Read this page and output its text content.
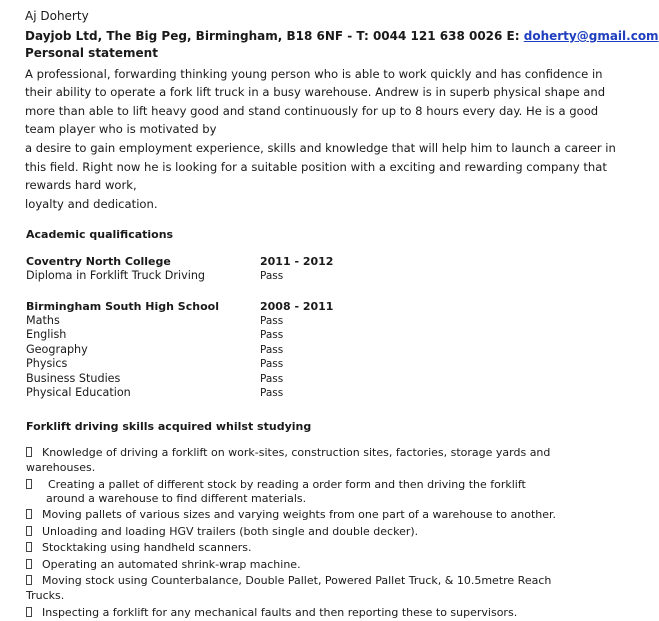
Aj Doherty
Dayjob Ltd, The Big Peg, Birmingham, B18 6NF - T: 0044 121 638 0026 E: doherty@gmail.com
Personal statement
A professional, forwarding thinking young person who is able to work quickly and has confidence in
their ability to operate a fork lift truck in a busy warehouse. Andrew is in superb physical shape and
more than able to lift heavy good and stand continuously for up to 8 hours every day. He is a good
team player who is motivated by
a desire to gain employment experience, skills and knowledge that will help him to launch a career in
this field. Right now he is looking for a suitable position with a exciting and rewarding company that
rewards hard work,
loyalty and dedication.
Academic qualifications
Coventry North College	2011 - 2012
Diploma in Forklift Truck Driving	Pass
Birmingham South High School	2008 - 2011
Maths	Pass
English	Pass
Geography	Pass
Physics	Pass
Business Studies	Pass
Physical Education	Pass
Forklift driving skills acquired whilst studying
Knowledge of driving a forklift on work-sites, construction sites, factories, storage yards and
warehouses.
Creating a pallet of different stock by reading a order form and then driving the forklift
around a warehouse to find different materials.
Moving pallets of various sizes and varying weights from one part of a warehouse to another.
Unloading and loading HGV trailers (both single and double decker).
Stocktaking using handheld scanners.
Operating an automated shrink-wrap machine.
Moving stock using Counterbalance, Double Pallet, Powered Pallet Truck, & 10.5metre Reach
Trucks.
Inspecting a forklift for any mechanical faults and then reporting these to supervisors.
